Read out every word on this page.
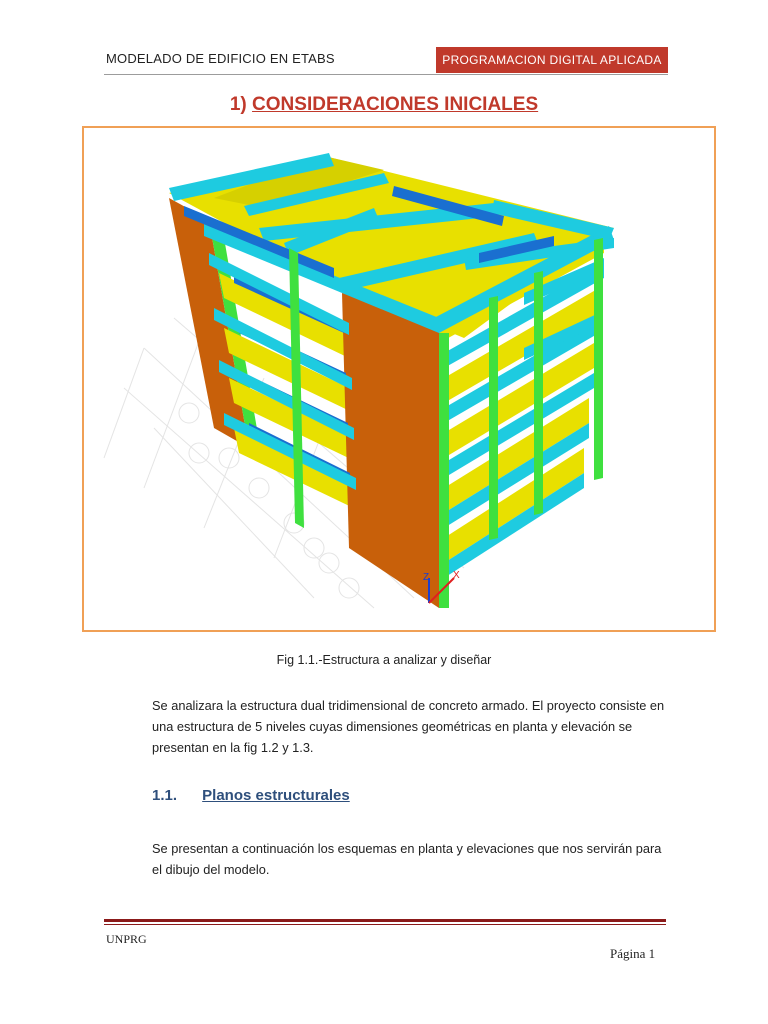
MODELADO DE EDIFICIO EN ETABS	PROGRAMACION DIGITAL APLICADA
1) CONSIDERACIONES INICIALES
Z X
Fig 1.1.-Estructura a analizar y diseñar
Se analizara la estructura dual tridimensional de concreto armado. El proyecto consiste en una estructura de 5 niveles cuyas dimensiones geométricas en planta y elevación se presentan en la fig 1.2 y 1.3.
1.1. Planos estructurales
Se presentan a continuación los esquemas en planta y elevaciones que nos servirán para el dibujo del modelo.
UNPRG
Página 1
